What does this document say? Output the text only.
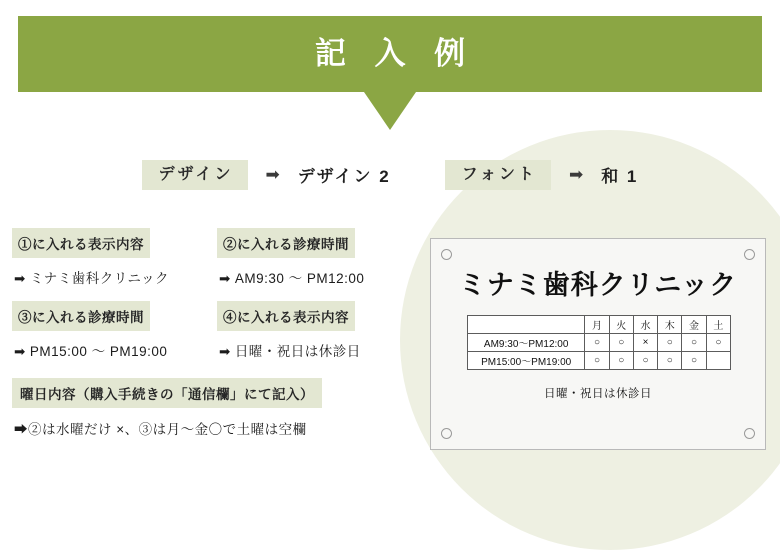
記 入 例
デザイン	➡ デザイン 2	フォント	➡ 和 1
①に入れる表示内容
➡ ミナミ歯科クリニック
②に入れる診療時間
➡ AM9:30 〜 PM12:00
③に入れる診療時間
➡ PM15:00 〜 PM19:00
④に入れる表示内容
➡ 日曜・祝日は休診日
曜日内容（購入手続きの「通信欄」にて記入）
➡②は水曜だけ ×、③は月〜金〇で土曜は空欄
ミナミ歯科クリニック
	月	火	水	木	金	土
AM9:30〜PM12:00	○	○	×	○	○	○
PM15:00〜PM19:00	○	○	○	○	○	
日曜・祝日は休診日
